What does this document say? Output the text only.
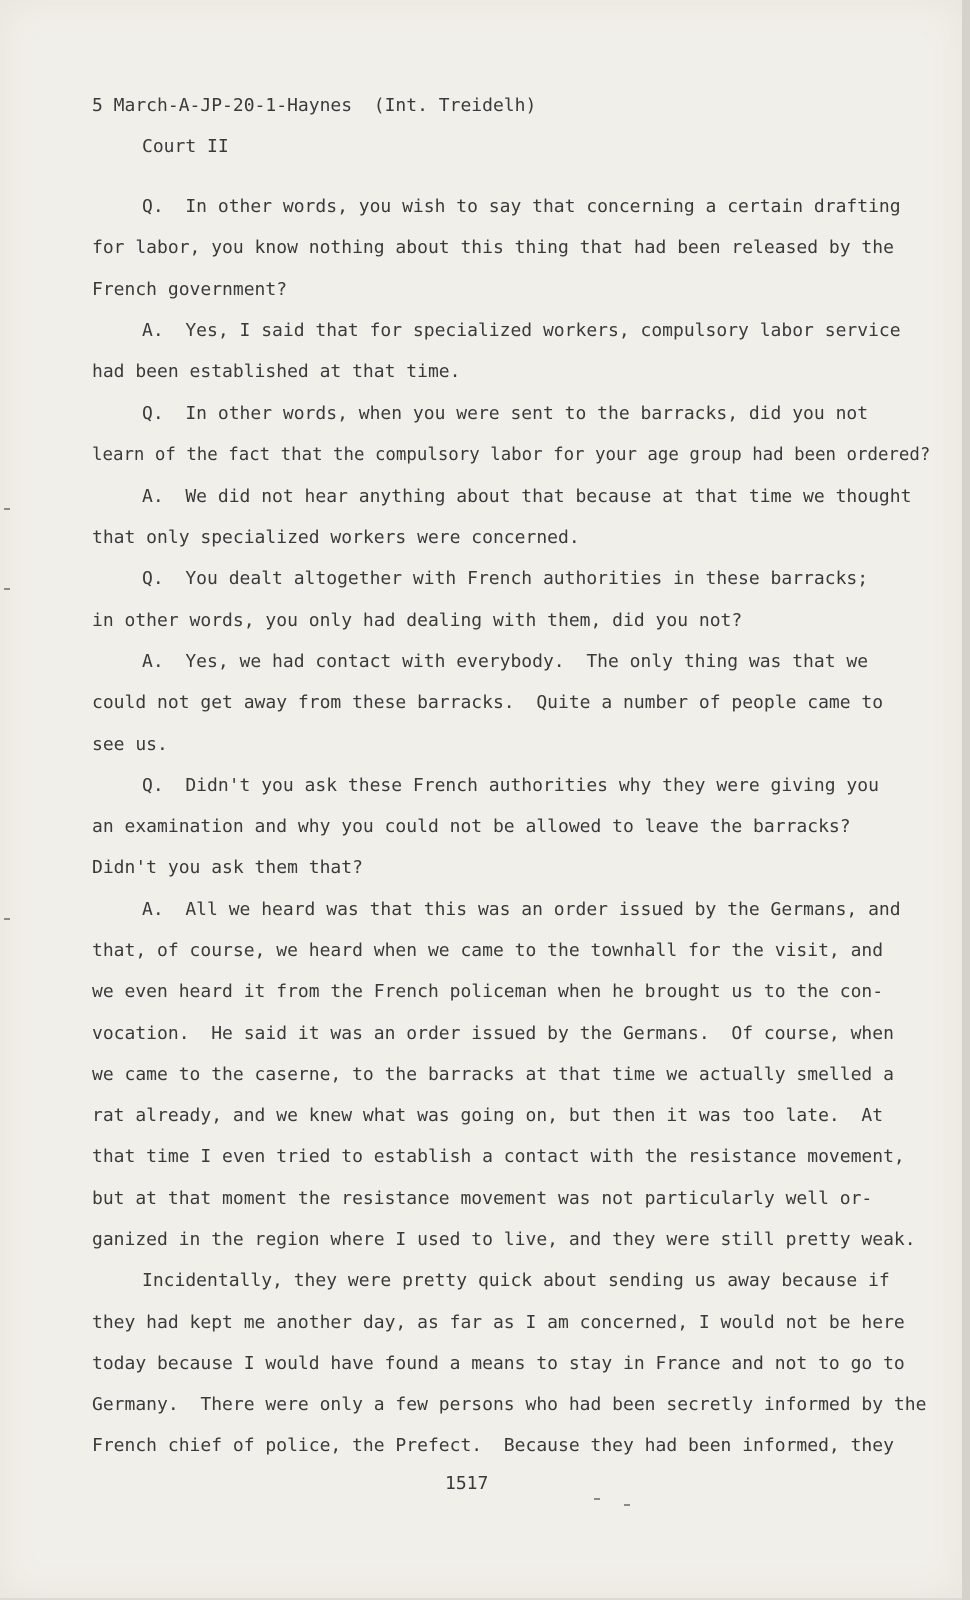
5 March-A-JP-20-1-Haynes  (Int. Treidelh)
Court II
Q.  In other words, you wish to say that concerning a certain drafting
for labor, you know nothing about this thing that had been released by the
French government?
A.  Yes, I said that for specialized workers, compulsory labor service
had been established at that time.
Q.  In other words, when you were sent to the barracks, did you not
learn of the fact that the compulsory labor for your age group had been ordered?
A.  We did not hear anything about that because at that time we thought
that only specialized workers were concerned.
Q.  You dealt altogether with French authorities in these barracks;
in other words, you only had dealing with them, did you not?
A.  Yes, we had contact with everybody.  The only thing was that we
could not get away from these barracks.  Quite a number of people came to
see us.
Q.  Didn't you ask these French authorities why they were giving you
an examination and why you could not be allowed to leave the barracks?
Didn't you ask them that?
A.  All we heard was that this was an order issued by the Germans, and
that, of course, we heard when we came to the townhall for the visit, and
we even heard it from the French policeman when he brought us to the con-
vocation.  He said it was an order issued by the Germans.  Of course, when
we came to the caserne, to the barracks at that time we actually smelled a
rat already, and we knew what was going on, but then it was too late.  At
that time I even tried to establish a contact with the resistance movement,
but at that moment the resistance movement was not particularly well or-
ganized in the region where I used to live, and they were still pretty weak.
Incidentally, they were pretty quick about sending us away because if
they had kept me another day, as far as I am concerned, I would not be here
today because I would have found a means to stay in France and not to go to
Germany.  There were only a few persons who had been secretly informed by the
French chief of police, the Prefect.  Because they had been informed, they
1517
